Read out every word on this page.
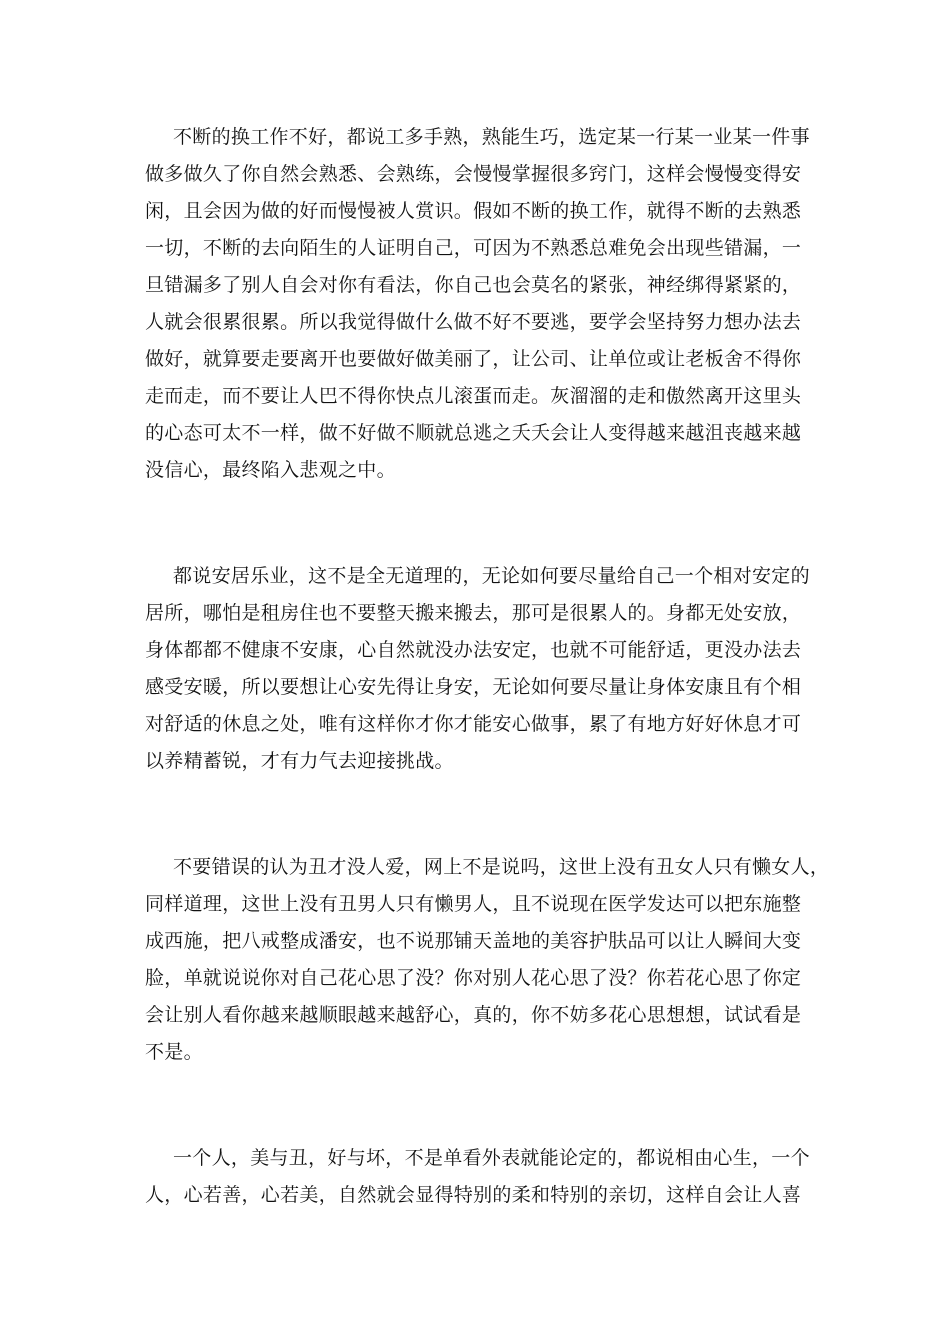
不断的换工作不好，都说工多手熟，熟能生巧，选定某一行某一业某一件事
做多做久了你自然会熟悉、会熟练，会慢慢掌握很多窍门，这样会慢慢变得安
闲，且会因为做的好而慢慢被人赏识。假如不断的换工作，就得不断的去熟悉
一切，不断的去向陌生的人证明自己，可因为不熟悉总难免会出现些错漏，一
旦错漏多了别人自会对你有看法，你自己也会莫名的紧张，神经绑得紧紧的，
人就会很累很累。所以我觉得做什么做不好不要逃，要学会坚持努力想办法去
做好，就算要走要离开也要做好做美丽了，让公司、让单位或让老板舍不得你
走而走，而不要让人巴不得你快点儿滚蛋而走。灰溜溜的走和傲然离开这里头
的心态可太不一样，做不好做不顺就总逃之夭夭会让人变得越来越沮丧越来越
没信心，最终陷入悲观之中。
都说安居乐业，这不是全无道理的，无论如何要尽量给自己一个相对安定的
居所，哪怕是租房住也不要整天搬来搬去，那可是很累人的。身都无处安放，
身体都都不健康不安康，心自然就没办法安定，也就不可能舒适，更没办法去
感受安暖，所以要想让心安先得让身安，无论如何要尽量让身体安康且有个相
对舒适的休息之处，唯有这样你才你才能安心做事，累了有地方好好休息才可
以养精蓄锐，才有力气去迎接挑战。
不要错误的认为丑才没人爱，网上不是说吗，这世上没有丑女人只有懒女人，
同样道理，这世上没有丑男人只有懒男人，且不说现在医学发达可以把东施整
成西施，把八戒整成潘安，也不说那铺天盖地的美容护肤品可以让人瞬间大变
脸，单就说说你对自己花心思了没？你对别人花心思了没？你若花心思了你定
会让别人看你越来越顺眼越来越舒心，真的，你不妨多花心思想想，试试看是
不是。
一个人，美与丑，好与坏，不是单看外表就能论定的，都说相由心生，一个
人，心若善，心若美，自然就会显得特别的柔和特别的亲切，这样自会让人喜
